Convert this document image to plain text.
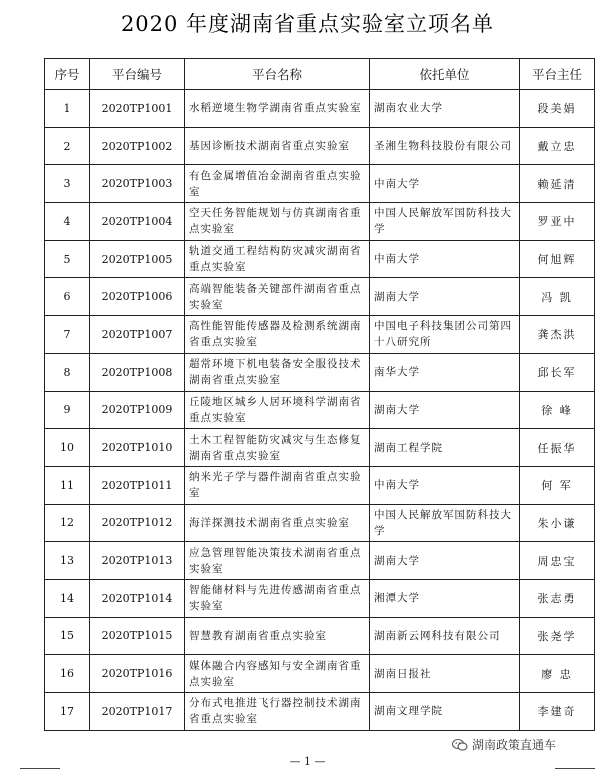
2020 年度湖南省重点实验室立项名单
序号	平台编号	平台名称	依托单位	平台主任
1	2020TP1001	水稻逆境生物学湖南省重点实验室	湖南农业大学	段美娟
2	2020TP1002	基因诊断技术湖南省重点实验室	圣湘生物科技股份有限公司	戴立忠
3	2020TP1003	有色金属增值冶金湖南省重点实验室	中南大学	赖延清
4	2020TP1004	空天任务智能规划与仿真湖南省重点实验室	中国人民解放军国防科技大学	罗亚中
5	2020TP1005	轨道交通工程结构防灾减灾湖南省重点实验室	中南大学	何旭辉
6	2020TP1006	高端智能装备关键部件湖南省重点实验室	湖南大学	冯 凯
7	2020TP1007	高性能智能传感器及检测系统湖南省重点实验室	中国电子科技集团公司第四十八研究所	龚杰洪
8	2020TP1008	超常环境下机电装备安全服役技术湖南省重点实验室	南华大学	邱长军
9	2020TP1009	丘陵地区城乡人居环境科学湖南省重点实验室	湖南大学	徐 峰
10	2020TP1010	土木工程智能防灾减灾与生态修复湖南省重点实验室	湖南工程学院	任振华
11	2020TP1011	纳米光子学与器件湖南省重点实验室	中南大学	何 军
12	2020TP1012	海洋探测技术湖南省重点实验室	中国人民解放军国防科技大学	朱小谦
13	2020TP1013	应急管理智能决策技术湖南省重点实验室	湖南大学	周忠宝
14	2020TP1014	智能储材料与先进传感湖南省重点实验室	湘潭大学	张志勇
15	2020TP1015	智慧教育湖南省重点实验室	湖南新云网科技有限公司	张尧学
16	2020TP1016	媒体融合内容感知与安全湖南省重点实验室	湖南日报社	廖 忠
17	2020TP1017	分布式电推进飞行器控制技术湖南省重点实验室	湖南文理学院	李建奇
湖南政策直通车
— 1 —
